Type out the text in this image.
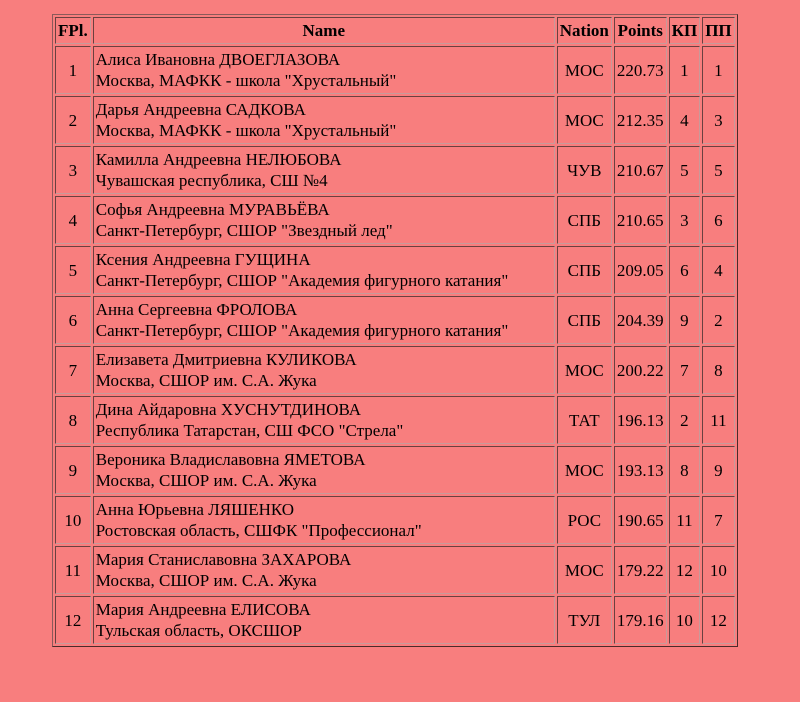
FPl.	Name	Nation	Points	КП	ПП
1	Алиса Ивановна ДВОЕГЛАЗОВА
Москва, МАФКК - школа "Хрустальный"	МОС	220.73	1	1
2	Дарья Андреевна САДКОВА
Москва, МАФКК - школа "Хрустальный"	МОС	212.35	4	3
3	Камилла Андреевна НЕЛЮБОВА
Чувашская республика, СШ №4	ЧУВ	210.67	5	5
4	Софья Андреевна МУРАВЬЁВА
Санкт-Петербург, СШОР "Звездный лед"	СПБ	210.65	3	6
5	Ксения Андреевна ГУЩИНА
Санкт-Петербург, СШОР "Академия фигурного катания"	СПБ	209.05	6	4
6	Анна Сергеевна ФРОЛОВА
Санкт-Петербург, СШОР "Академия фигурного катания"	СПБ	204.39	9	2
7	Елизавета Дмитриевна КУЛИКОВА
Москва, СШОР им. С.А. Жука	МОС	200.22	7	8
8	Дина Айдаровна ХУСНУТДИНОВА
Республика Татарстан, СШ ФСО "Стрела"	ТАТ	196.13	2	11
9	Вероника Владиславовна ЯМЕТОВА
Москва, СШОР им. С.А. Жука	МОС	193.13	8	9
10	Анна Юрьевна ЛЯШЕНКО
Ростовская область, СШФК "Профессионал"	РОС	190.65	11	7
11	Мария Станиславовна ЗАХАРОВА
Москва, СШОР им. С.А. Жука	МОС	179.22	12	10
12	Мария Андреевна ЕЛИСОВА
Тульская область, ОКСШОР	ТУЛ	179.16	10	12
